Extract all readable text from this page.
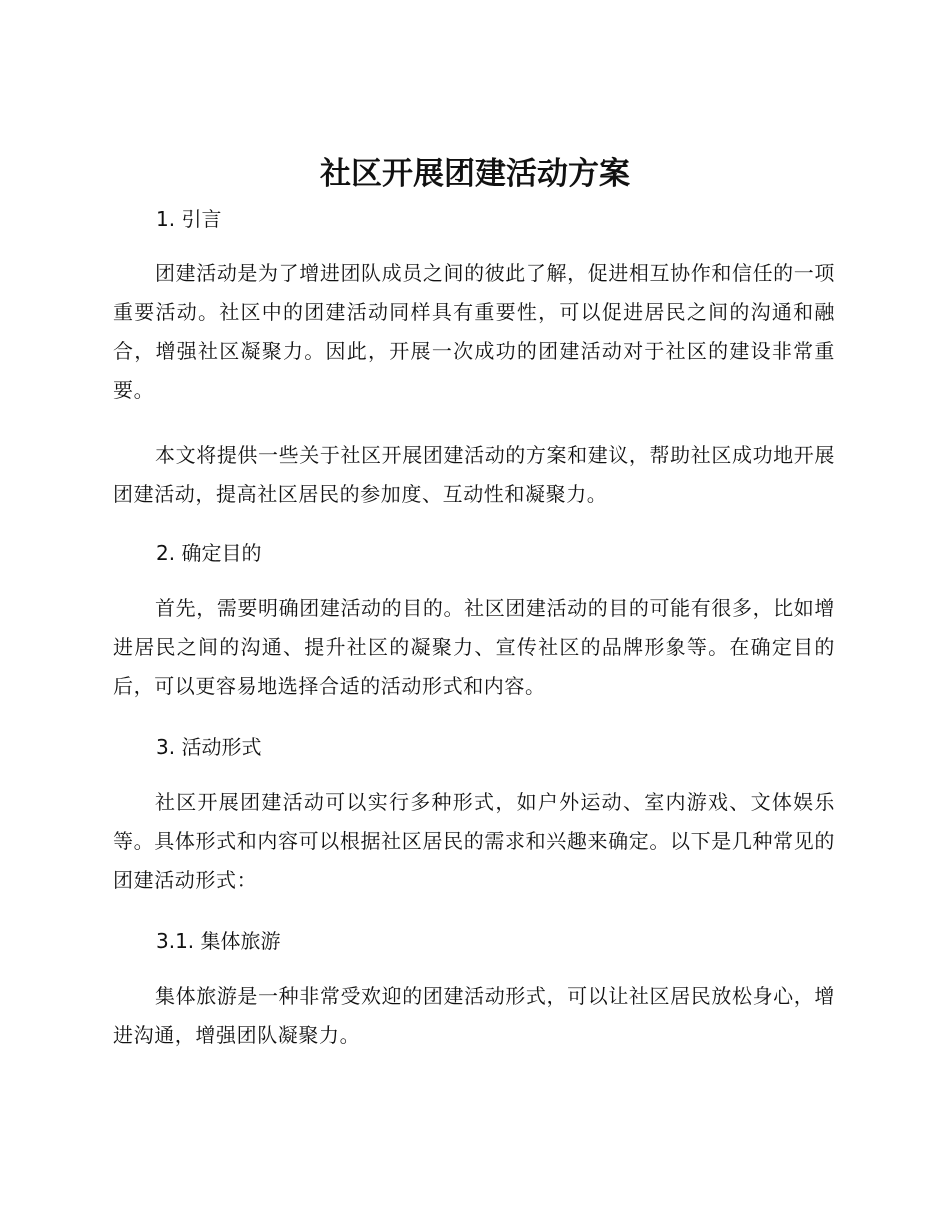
社区开展团建活动方案
1. 引言

团建活动是为了增进团队成员之间的彼此了解，促进相互协作和信任的一项重要活动。社区中的团建活动同样具有重要性，可以促进居民之间的沟通和融合，增强社区凝聚力。因此，开展一次成功的团建活动对于社区的建设非常重要。

本文将提供一些关于社区开展团建活动的方案和建议，帮助社区成功地开展团建活动，提高社区居民的参加度、互动性和凝聚力。

2. 确定目的

首先，需要明确团建活动的目的。社区团建活动的目的可能有很多，比如增进居民之间的沟通、提升社区的凝聚力、宣传社区的品牌形象等。在确定目的后，可以更容易地选择合适的活动形式和内容。

3. 活动形式

社区开展团建活动可以实行多种形式，如户外运动、室内游戏、文体娱乐等。具体形式和内容可以根据社区居民的需求和兴趣来确定。以下是几种常见的团建活动形式：

3.1. 集体旅游

集体旅游是一种非常受欢迎的团建活动形式，可以让社区居民放松身心，增进沟通，增强团队凝聚力。
